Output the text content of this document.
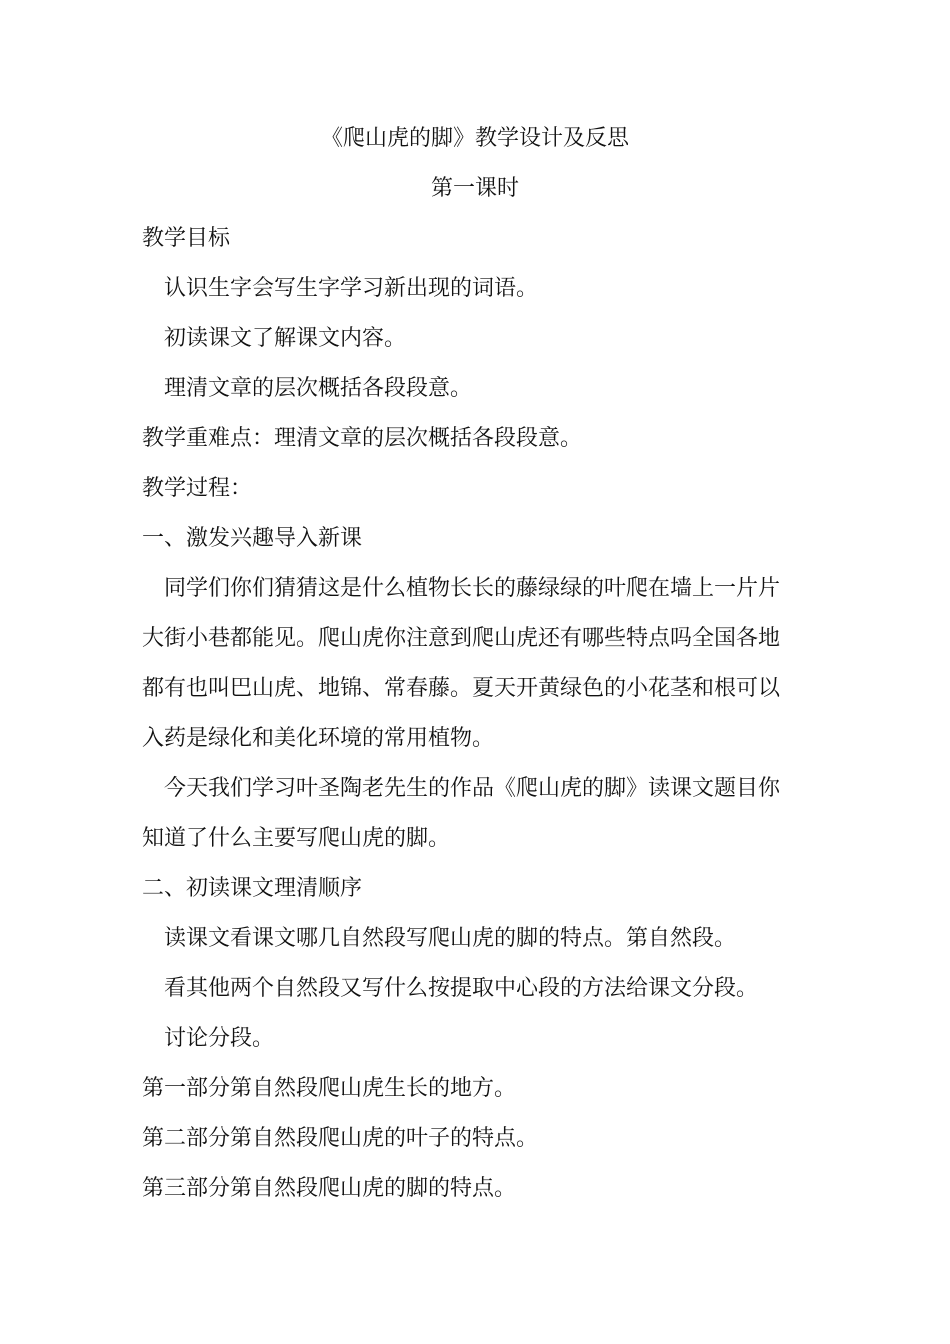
《爬山虎的脚》教学设计及反思
第一课时
教学目标
认识生字会写生字学习新出现的词语。
初读课文了解课文内容。
理清文章的层次概括各段段意。
教学重难点：理清文章的层次概括各段段意。
教学过程：
一、激发兴趣导入新课
同学们你们猜猜这是什么植物长长的藤绿绿的叶爬在墙上一片片
大街小巷都能见。爬山虎你注意到爬山虎还有哪些特点吗全国各地
都有也叫巴山虎、地锦、常春藤。夏天开黄绿色的小花茎和根可以
入药是绿化和美化环境的常用植物。
今天我们学习叶圣陶老先生的作品《爬山虎的脚》读课文题目你
知道了什么主要写爬山虎的脚。
二、初读课文理清顺序
读课文看课文哪几自然段写爬山虎的脚的特点。第自然段。
看其他两个自然段又写什么按提取中心段的方法给课文分段。
讨论分段。
第一部分第自然段爬山虎生长的地方。
第二部分第自然段爬山虎的叶子的特点。
第三部分第自然段爬山虎的脚的特点。
